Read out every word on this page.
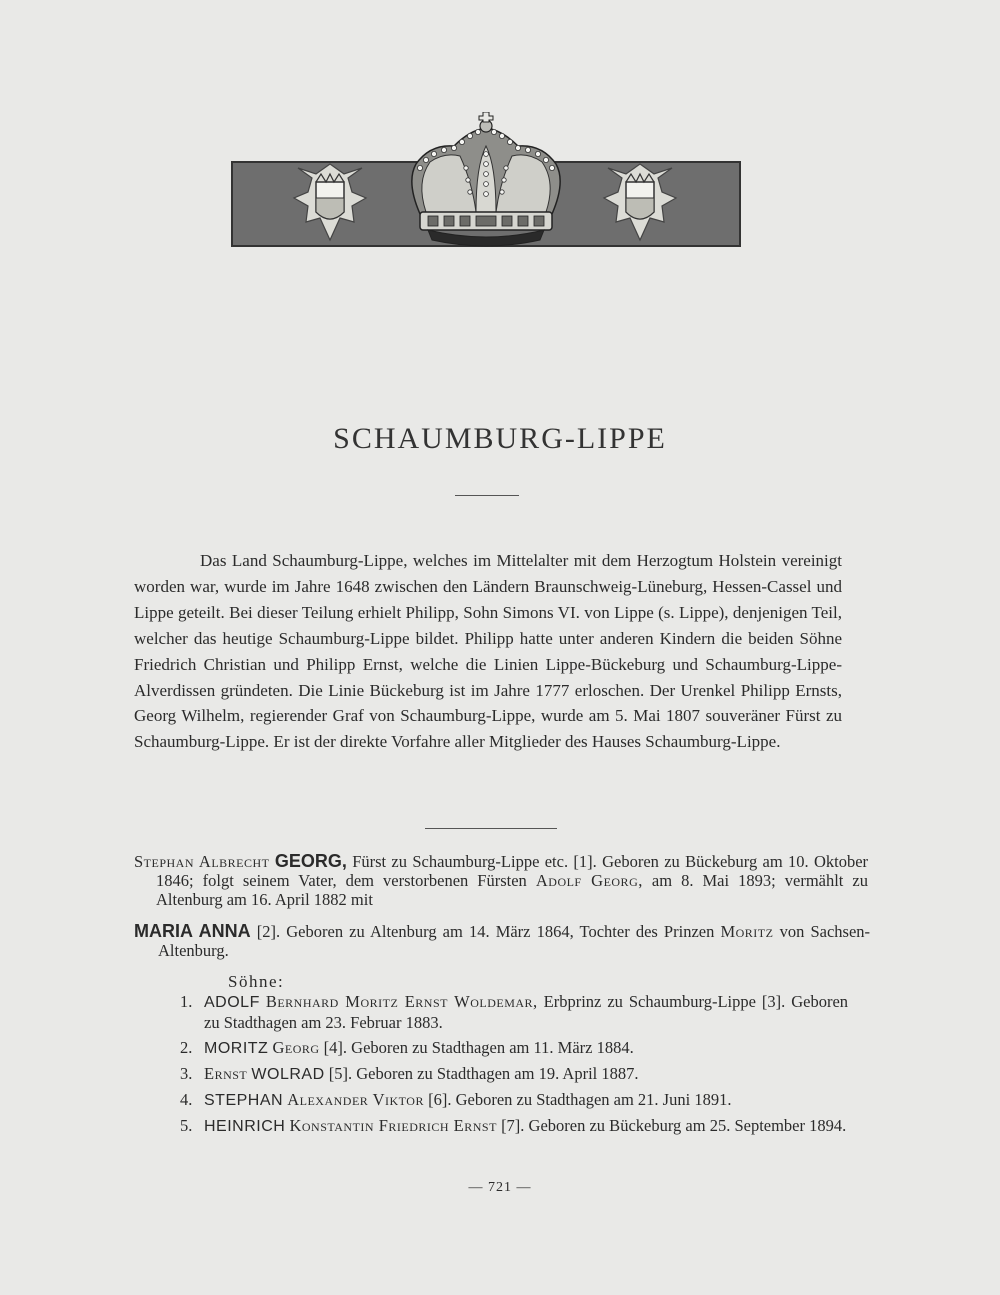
SCHAUMBURG-LIPPE

Das Land Schaumburg-Lippe, welches im Mittelalter mit dem Herzogtum Holstein vereinigt worden war, wurde im Jahre 1648 zwischen den Ländern Braunschweig-Lüneburg, Hessen-Cassel und Lippe geteilt. Bei dieser Teilung erhielt Philipp, Sohn Simons VI. von Lippe (s. Lippe), denjenigen Teil, welcher das heutige Schaumburg-Lippe bildet. Philipp hatte unter anderen Kindern die beiden Söhne Friedrich Christian und Philipp Ernst, welche die Linien Lippe-Bückeburg und Schaumburg-Lippe-Alverdissen gründeten. Die Linie Bückeburg ist im Jahre 1777 erloschen. Der Urenkel Philipp Ernsts, Georg Wilhelm, regierender Graf von Schaumburg-Lippe, wurde am 5. Mai 1807 souveräner Fürst zu Schaumburg-Lippe. Er ist der direkte Vorfahre aller Mitglieder des Hauses Schaumburg-Lippe.

Stephan Albrecht GEORG, Fürst zu Schaumburg-Lippe etc. [1]. Geboren zu Bückeburg am 10. Oktober 1846; folgt seinem Vater, dem verstorbenen Fürsten Adolf Georg, am 8. Mai 1893; vermählt zu Altenburg am 16. April 1882 mit

MARIA ANNA [2]. Geboren zu Altenburg am 14. März 1864, Tochter des Prinzen Moritz von Sachsen-Altenburg.

Söhne:
1. ADOLF Bernhard Moritz Ernst Woldemar, Erbprinz zu Schaumburg-Lippe [3]. Geboren zu Stadthagen am 23. Februar 1883.
2. MORITZ Georg [4]. Geboren zu Stadthagen am 11. März 1884.
3. Ernst WOLRAD [5]. Geboren zu Stadthagen am 19. April 1887.
4. STEPHAN Alexander Viktor [6]. Geboren zu Stadthagen am 21. Juni 1891.
5. HEINRICH Konstantin Friedrich Ernst [7]. Geboren zu Bückeburg am 25. September 1894.
— 721 —
